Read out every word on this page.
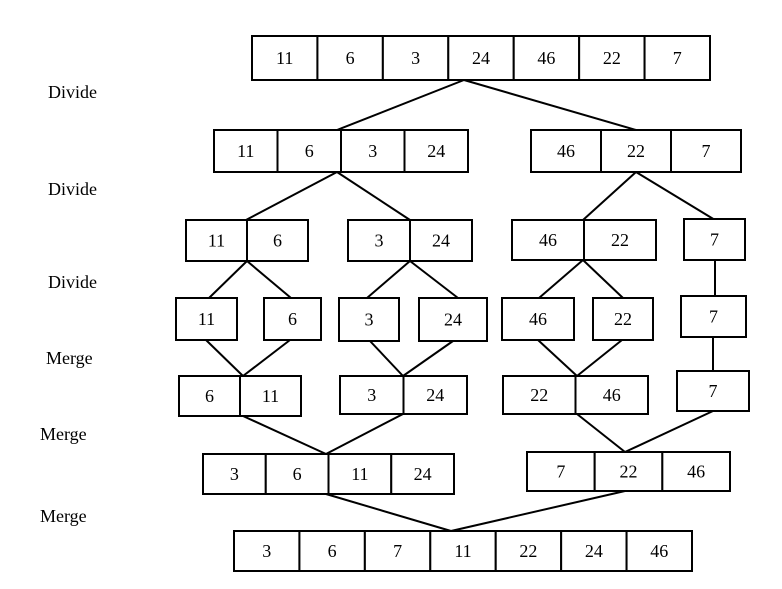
Divide
Divide
Divide
Merge
Merge
Merge
11	6	3	24	46	22	7
11	6	3	24	46	22	7
11	6	3	24	46	22	7
11	6	3	24	46	22	7
6	11	3	24	22	46	7
3	6	11	24	7	22	46
3	6	7	11	22	24	46
